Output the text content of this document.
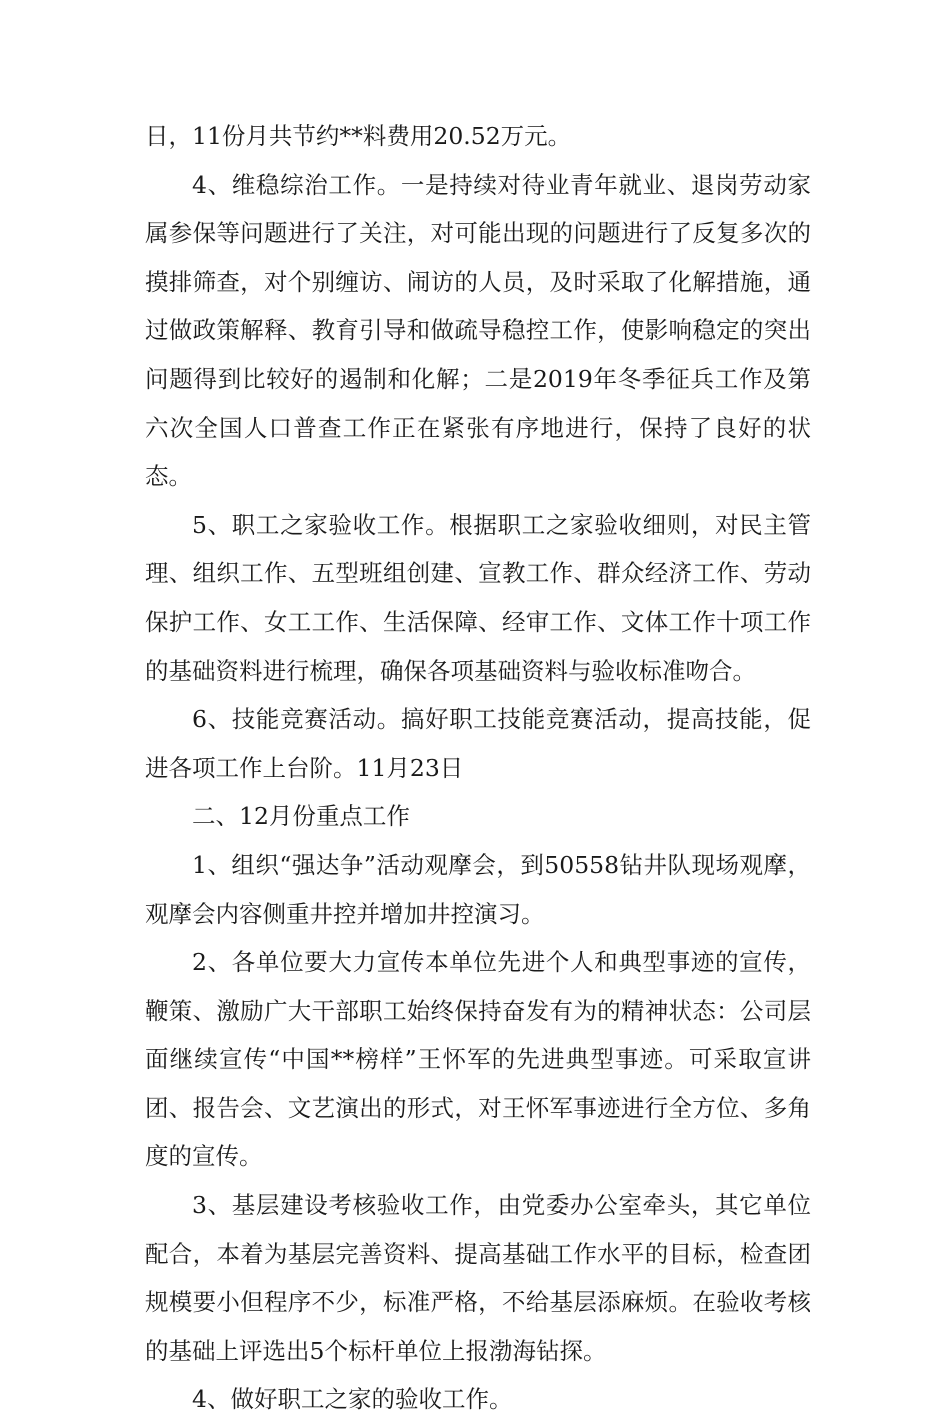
日，11份月共节约**料费用20.52万元。

4、维稳综治工作。一是持续对待业青年就业、退岗劳动家属参保等问题进行了关注，对可能出现的问题进行了反复多次的摸排筛查，对个别缠访、闹访的人员，及时采取了化解措施，通过做政策解释、教育引导和做疏导稳控工作，使影响稳定的突出问题得到比较好的遏制和化解；二是2019年冬季征兵工作及第六次全国人口普查工作正在紧张有序地进行，保持了良好的状态。

5、职工之家验收工作。根据职工之家验收细则，对民主管理、组织工作、五型班组创建、宣教工作、群众经济工作、劳动保护工作、女工工作、生活保障、经审工作、文体工作十项工作的基础资料进行梳理，确保各项基础资料与验收标准吻合。

6、技能竞赛活动。搞好职工技能竞赛活动，提高技能，促进各项工作上台阶。11月23日

二、12月份重点工作

1、组织“强达争”活动观摩会，到50558钻井队现场观摩，观摩会内容侧重井控并增加井控演习。

2、各单位要大力宣传本单位先进个人和典型事迹的宣传，鞭策、激励广大干部职工始终保持奋发有为的精神状态：公司层面继续宣传“中国**榜样”王怀军的先进典型事迹。可采取宣讲团、报告会、文艺演出的形式，对王怀军事迹进行全方位、多角度的宣传。

3、基层建设考核验收工作，由党委办公室牵头，其它单位配合，本着为基层完善资料、提高基础工作水平的目标，检查团规模要小但程序不少，标准严格，不给基层添麻烦。在验收考核的基础上评选出5个标杆单位上报渤海钻探。

4、做好职工之家的验收工作。
